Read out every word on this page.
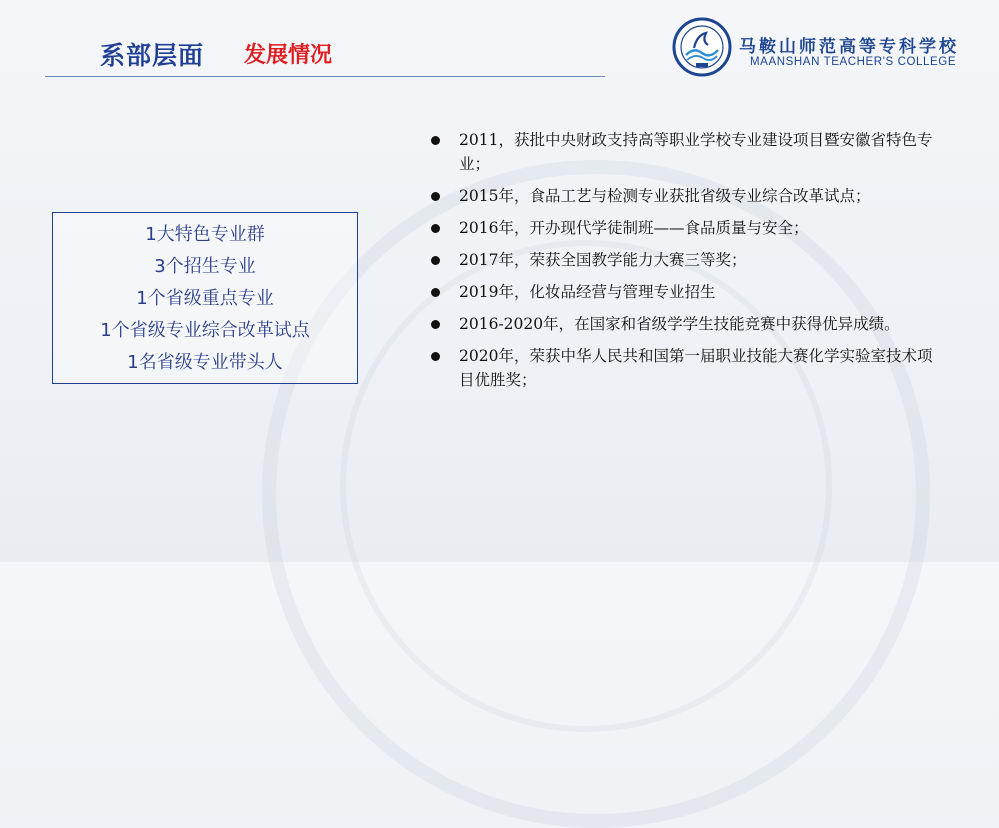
系部层面 发展情况	马鞍山师范高等专科学校
MAANSHAN TEACHER'S COLLEGE
1大特色专业群
3个招生专业
1个省级重点专业
1个省级专业综合改革试点
1名省级专业带头人
2011，获批中央财政支持高等职业学校专业建设项目暨安徽省特色专业；
2015年，食品工艺与检测专业获批省级专业综合改革试点；
2016年，开办现代学徒制班——食品质量与安全；
2017年，荣获全国教学能力大赛三等奖；
2019年，化妆品经营与管理专业招生
2016-2020年，在国家和省级学学生技能竞赛中获得优异成绩。
2020年，荣获中华人民共和国第一届职业技能大赛化学实验室技术项目优胜奖；
